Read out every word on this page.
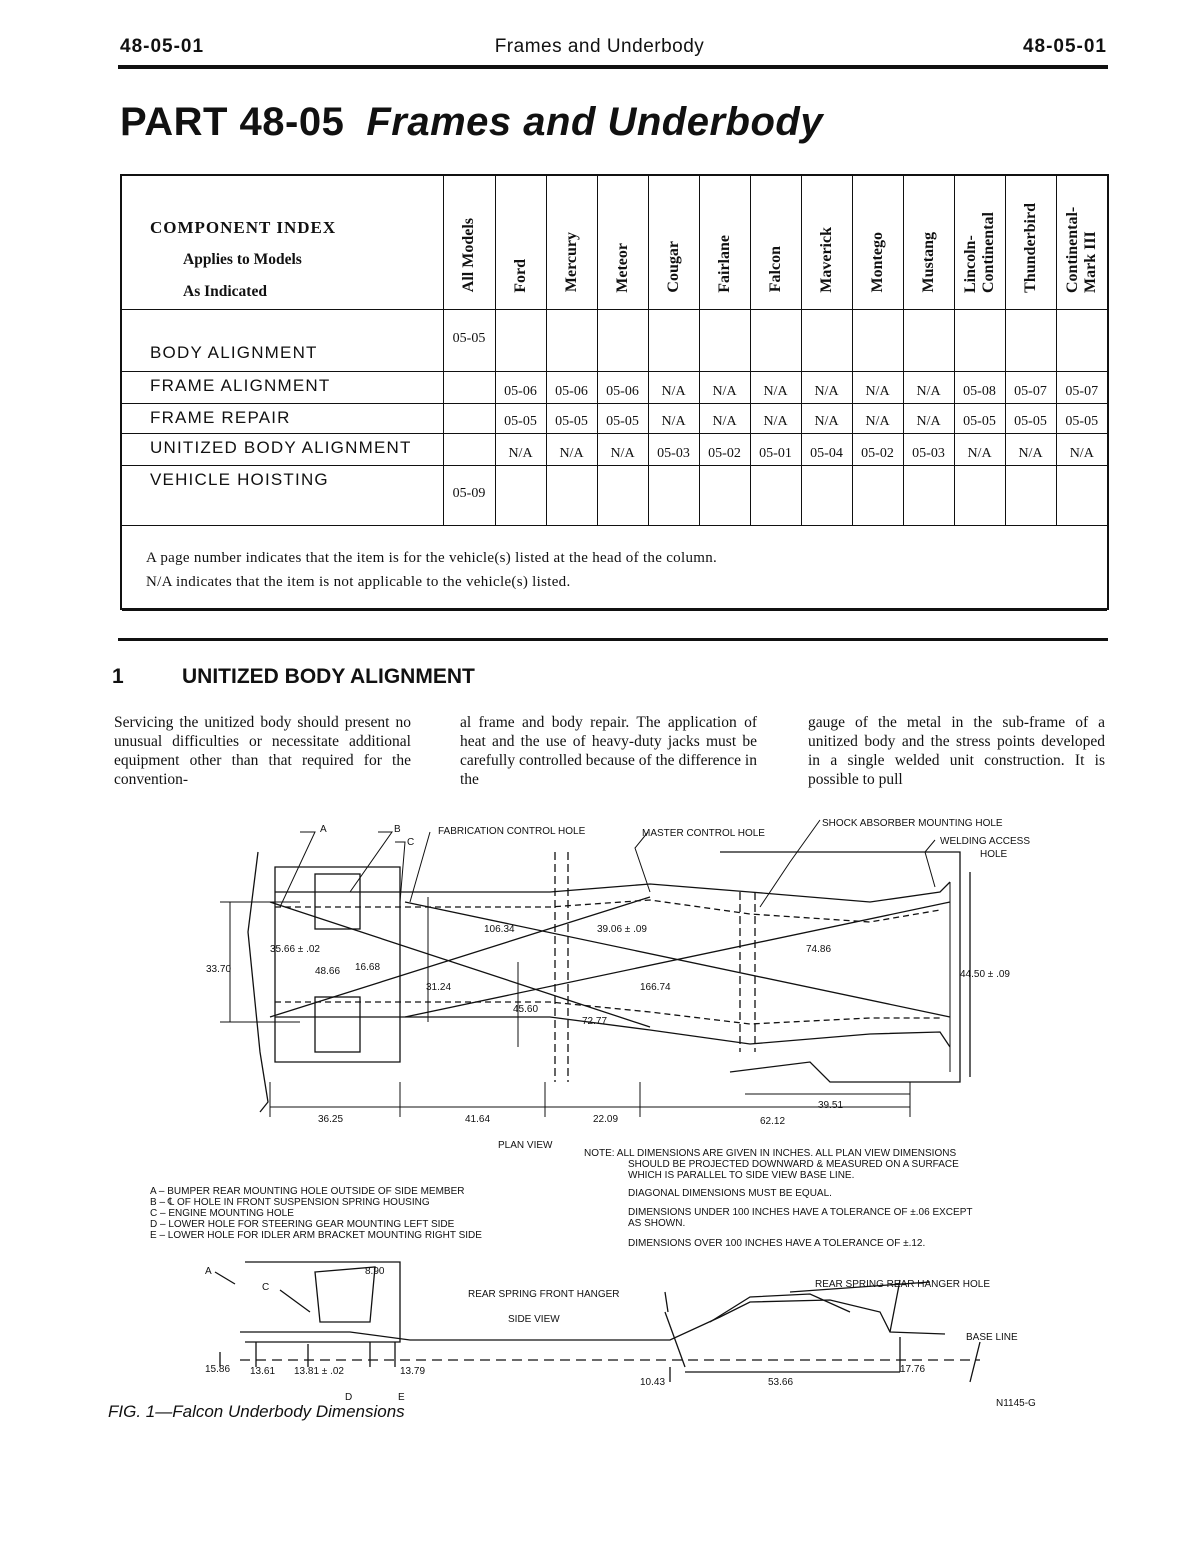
48-05-01	Frames and Underbody	48-05-01
PART 48-05 Frames and Underbody
COMPONENT INDEX
Applies to Models
As Indicated	All Models	Ford	Mercury	Meteor	Cougar	Fairlane	Falcon	Maverick	Montego	Mustang	Lincoln-Continental	Thunderbird	Continental-Mark III

BODY ALIGNMENT	05-05												
FRAME ALIGNMENT		05-06	05-06	05-06	N/A	N/A	N/A	N/A	N/A	N/A	05-08	05-07	05-07
FRAME REPAIR		05-05	05-05	05-05	N/A	N/A	N/A	N/A	N/A	N/A	05-05	05-05	05-05
UNITIZED BODY ALIGNMENT		N/A	N/A	N/A	05-03	05-02	05-01	05-04	05-02	05-03	N/A	N/A	N/A
VEHICLE HOISTING	05-09												

A page number indicates that the item is for the vehicle(s) listed at the head of the column.
N/A indicates that the item is not applicable to the vehicle(s) listed.
1	UNITIZED BODY ALIGNMENT
Servicing the unitized body should present no unusual difficulties or necessitate additional equipment other than that required for the convention-
al frame and body repair. The application of heat and the use of heavy-duty jacks must be carefully controlled because of the difference in the
gauge of the metal in the sub-frame of a unitized body and the stress points developed in a single welded unit construction. It is possible to pull
A	B
C
FABRICATION CONTROL HOLE	MASTER CONTROL HOLE
SHOCK ABSORBER MOUNTING HOLE
WELDING ACCESS
HOLE
106.34	39.06 ± .09
74.86
35.66 ± .02
33.70	48.66 16.68
31.24	166.74
44.50 ± .09
45.60
72.77
39.51
36.25	41.64	22.09	62.12
PLAN VIEW
A – BUMPER REAR MOUNTING HOLE OUTSIDE OF SIDE MEMBER
B – ℄ OF HOLE IN FRONT SUSPENSION SPRING HOUSING
C – ENGINE MOUNTING HOLE
D – LOWER HOLE FOR STEERING GEAR MOUNTING LEFT SIDE
E – LOWER HOLE FOR IDLER ARM BRACKET MOUNTING RIGHT SIDE
NOTE: ALL DIMENSIONS ARE GIVEN IN INCHES. ALL PLAN VIEW DIMENSIONS
SHOULD BE PROJECTED DOWNWARD & MEASURED ON A SURFACE
WHICH IS PARALLEL TO SIDE VIEW BASE LINE.
DIAGONAL DIMENSIONS MUST BE EQUAL.
DIMENSIONS UNDER 100 INCHES HAVE A TOLERANCE OF ±.06 EXCEPT
AS SHOWN.
DIMENSIONS OVER 100 INCHES HAVE A TOLERANCE OF ±.12.
A
C
8.90
REAR SPRING FRONT HANGER
SIDE VIEW
REAR SPRING REAR HANGER HOLE
BASE LINE
15.86 13.61 13.81 ± .02	13.79
10.43	53.66
17.76
D	E
N1145-G
FIG. 1—Falcon Underbody Dimensions
